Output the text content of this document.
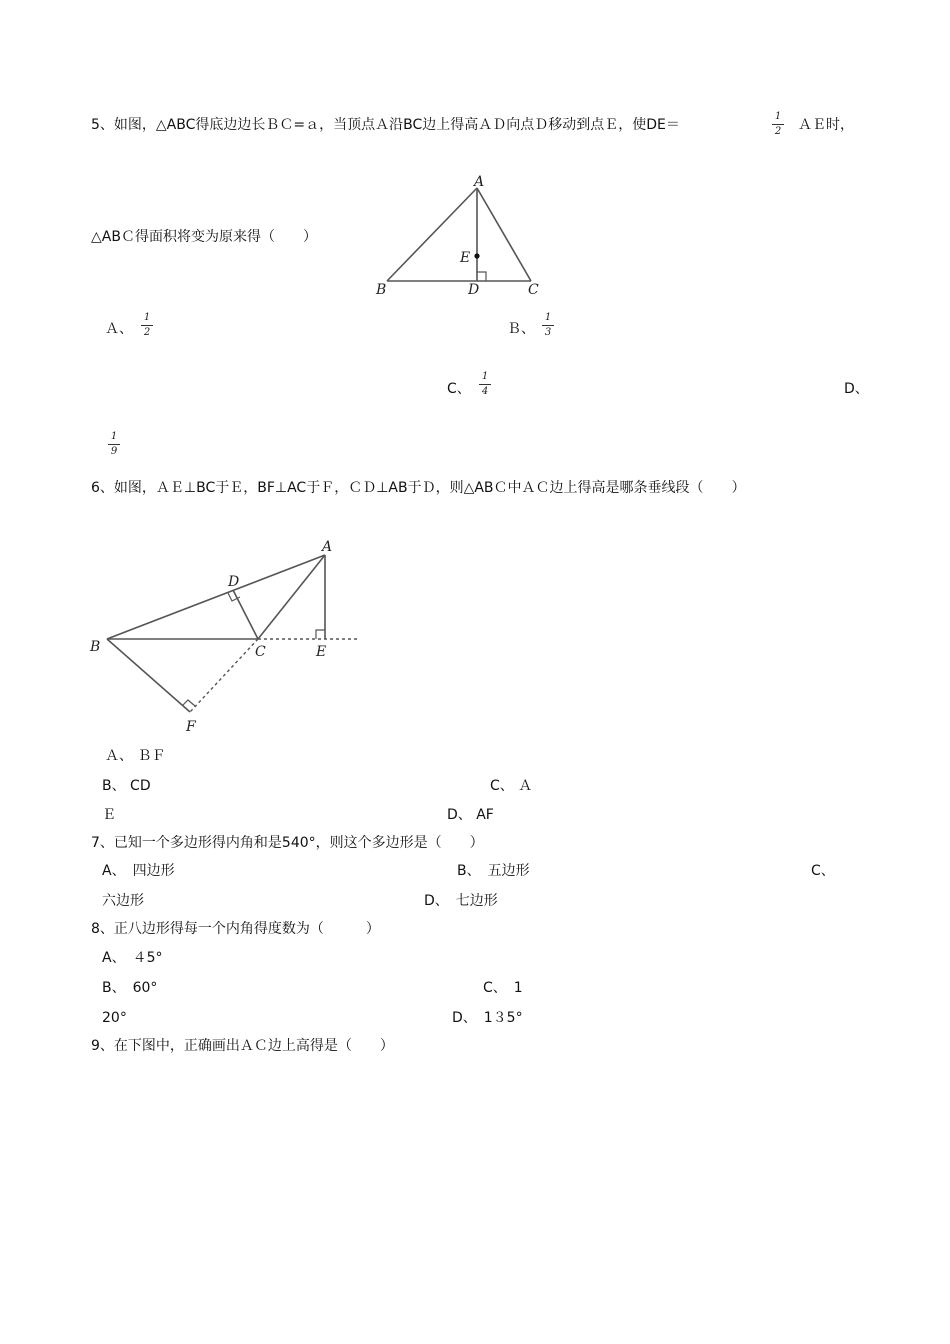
5、如图，△ABC得底边边长ＢＣ=ａ，当顶点Ａ沿BC边上得高ＡＤ向点Ｄ移动到点Ｅ，使DE＝
1
2 ＡＥ时，
△ABＣ得面积将变为原来得（　　）
A
B	C
D
E
Ａ、
1
2	Ｂ、
1
3
C、
1
4	D、
1
9
6、如图，ＡＥ⊥BC于Ｅ，BF⊥AC于Ｆ，ＣＤ⊥AB于Ｄ，则△ABＣ中ＡＣ边上得高是哪条垂线段（　　）
A
B	C
D
E
F
Ａ、 ＢＦ
B、 CD	C、 Ａ
Ｅ	D、 AF
7、已知一个多边形得内角和是540°，则这个多边形是（　　）
A、　四边形	B、　五边形	C、
六边形	D、　七边形
8、正八边形得每一个内角得度数为（　　　）
A、　４5°
B、　60°	C、　1
20°	D、　1３5°
9、在下图中，正确画出ＡＣ边上高得是（　　）
